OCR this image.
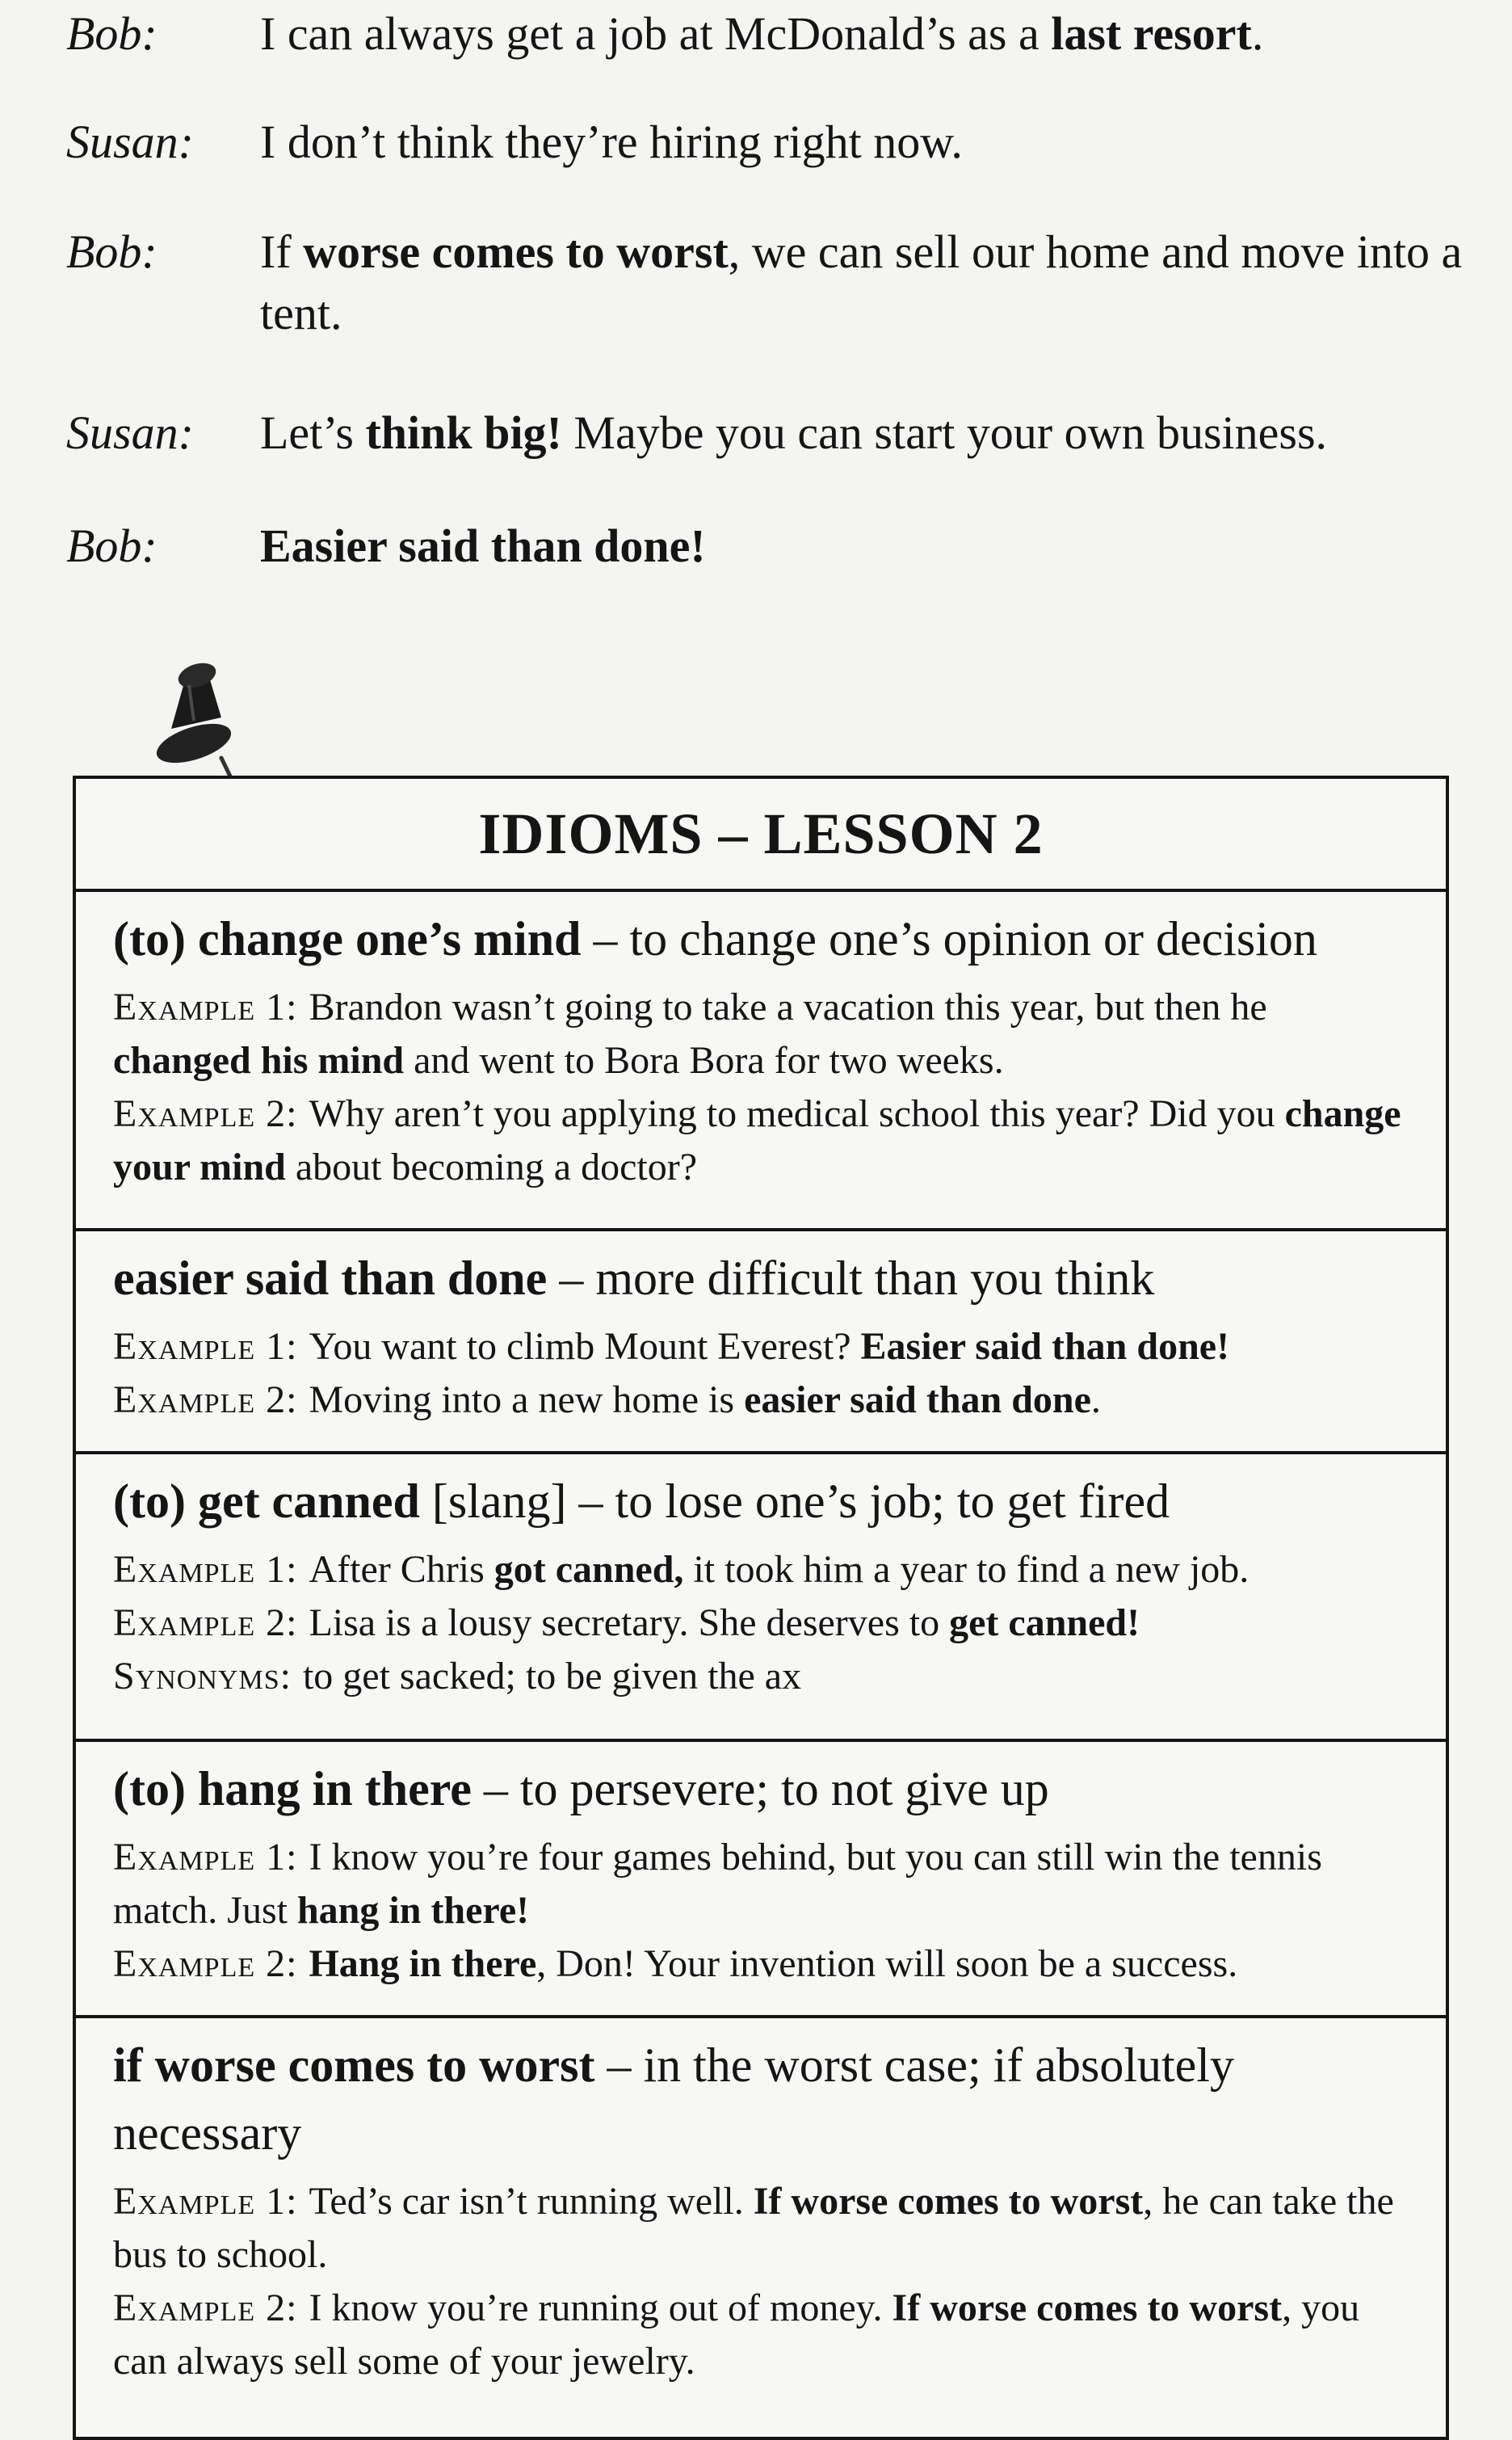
Bob:	I can always get a job at McDonald’s as a last resort.
Susan:	I don’t think they’re hiring right now.
Bob:	If worse comes to worst, we can sell our home and move into a tent.
Susan:	Let’s think big! Maybe you can start your own business.
Bob:	Easier said than done!
IDIOMS – LESSON 2
(to) change one’s mind – to change one’s opinion or decision
Example 1: Brandon wasn’t going to take a vacation this year, but then he changed his mind and went to Bora Bora for two weeks.
Example 2: Why aren’t you applying to medical school this year? Did you change your mind about becoming a doctor?
easier said than done – more difficult than you think
Example 1: You want to climb Mount Everest? Easier said than done!
Example 2: Moving into a new home is easier said than done.
(to) get canned [slang] – to lose one’s job; to get fired
Example 1: After Chris got canned, it took him a year to find a new job.
Example 2: Lisa is a lousy secretary. She deserves to get canned!
Synonyms: to get sacked; to be given the ax
(to) hang in there – to persevere; to not give up
Example 1: I know you’re four games behind, but you can still win the tennis match. Just hang in there!
Example 2: Hang in there, Don! Your invention will soon be a success.
if worse comes to worst – in the worst case; if absolutely necessary
Example 1: Ted’s car isn’t running well. If worse comes to worst, he can take the bus to school.
Example 2: I know you’re running out of money. If worse comes to worst, you can always sell some of your jewelry.
